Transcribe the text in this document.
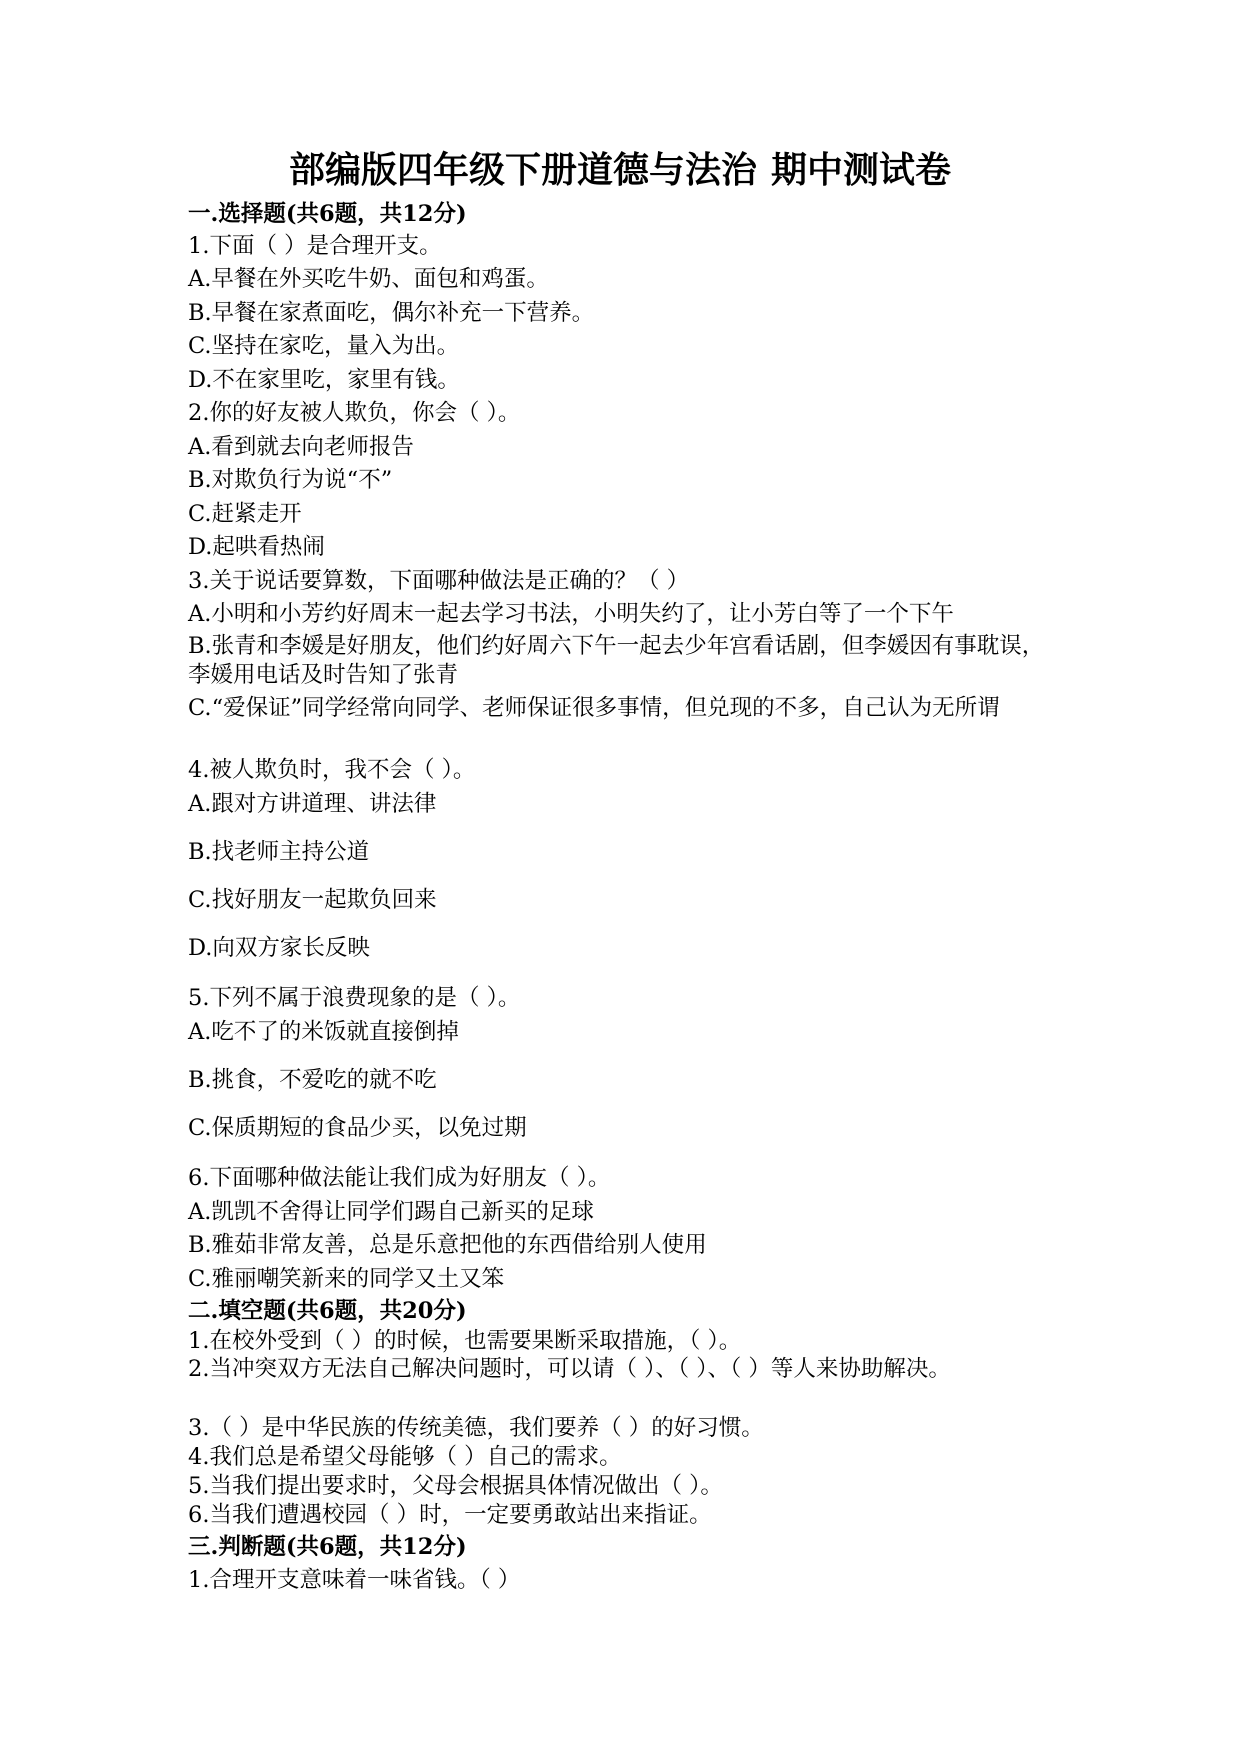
部编版四年级下册道德与法治 期中测试卷
一.选择题(共6题，共12分)
1.下面（ ）是合理开支。
A.早餐在外买吃牛奶、面包和鸡蛋。
B.早餐在家煮面吃，偶尔补充一下营养。
C.坚持在家吃，量入为出。
D.不在家里吃，家里有钱。
2.你的好友被人欺负，你会（ ）。
A.看到就去向老师报告
B.对欺负行为说“不”
C.赶紧走开
D.起哄看热闹
3.关于说话要算数，下面哪种做法是正确的？（ ）
A.小明和小芳约好周末一起去学习书法，小明失约了，让小芳白等了一个下午
B.张青和李媛是好朋友，他们约好周六下午一起去少年宫看话剧，但李媛因有事耽误，李媛用电话及时告知了张青
C.“爱保证”同学经常向同学、老师保证很多事情，但兑现的不多，自己认为无所谓
4.被人欺负时，我不会（ ）。
A.跟对方讲道理、讲法律
B.找老师主持公道
C.找好朋友一起欺负回来
D.向双方家长反映
5.下列不属于浪费现象的是（ ）。
A.吃不了的米饭就直接倒掉
B.挑食，不爱吃的就不吃
C.保质期短的食品少买，以免过期
6.下面哪种做法能让我们成为好朋友（ ）。
A.凯凯不舍得让同学们踢自己新买的足球
B.雅茹非常友善，总是乐意把他的东西借给别人使用
C.雅丽嘲笑新来的同学又土又笨
二.填空题(共6题，共20分)
1.在校外受到（ ）的时候，也需要果断采取措施，（ ）。
2.当冲突双方无法自己解决问题时，可以请（ ）、（ ）、（ ）等人来协助解决。
3.（ ）是中华民族的传统美德，我们要养（ ）的好习惯。
4.我们总是希望父母能够（ ）自己的需求。
5.当我们提出要求时，父母会根据具体情况做出（ ）。
6.当我们遭遇校园（ ）时，一定要勇敢站出来指证。
三.判断题(共6题，共12分)
1.合理开支意味着一味省钱。（ ）
